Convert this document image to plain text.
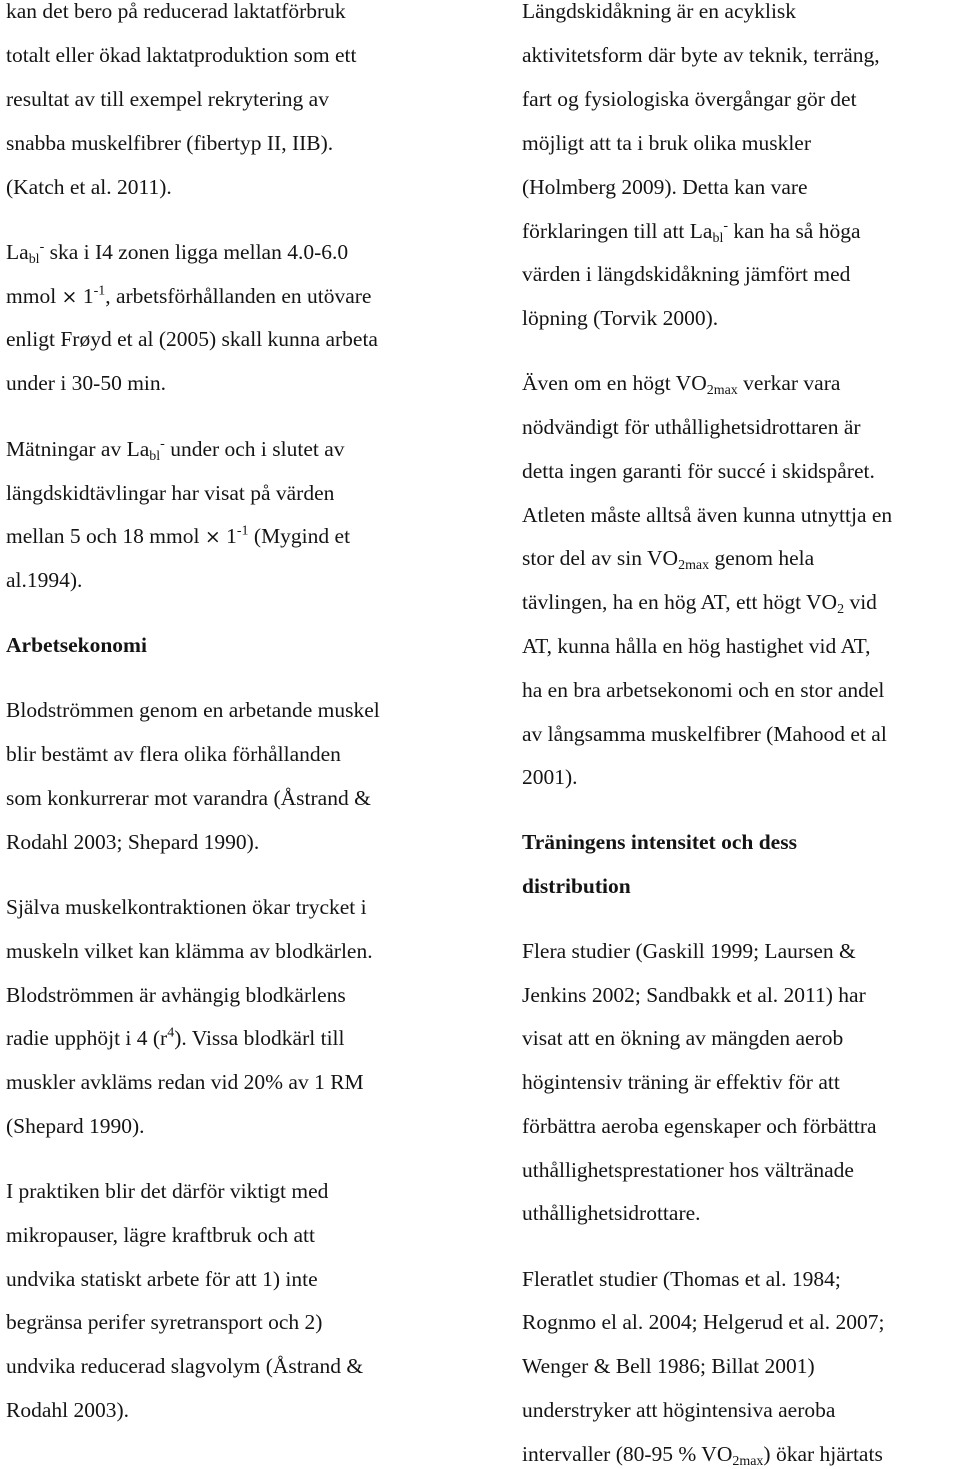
kan det bero på reducerad laktatförbruk
totalt eller ökad laktatproduktion som ett
resultat av till exempel rekrytering av
snabba muskelfibrer (fibertyp II, IIB).
(Katch et al. 2011).
$La_{bl}^-$ ska i I4 zonen ligga mellan 4.0-6.0
mmol × $1^{-1}$, arbetsförhållanden en utövare
enligt Frøyd et al (2005) skall kunna arbeta
under i 30-50 min.
Mätningar av $La_{bl}^-$ under och i slutet av
längdskidtävlingar har visat på värden
mellan 5 och 18 mmol × $1^{-1}$ (Mygind et
al.1994).
Arbetsekonomi
Blodströmmen genom en arbetande muskel
blir bestämt av flera olika förhållanden
som konkurrerar mot varandra (Åstrand &
Rodahl 2003; Shepard 1990).
Själva muskelkontraktionen ökar trycket i
muskeln vilket kan klämma av blodkärlen.
Blodströmmen är avhängig blodkärlens
radie upphöjt i 4 $(r^4)$. Vissa blodkärl till
muskler avkläms redan vid 20% av 1 RM
(Shepard 1990).
I praktiken blir det därför viktigt med
mikropauser, lägre kraftbruk och att
undvika statiskt arbete för att 1) inte
begränsa perifer syretransport och 2)
undvika reducerad slagvolym (Åstrand &
Rodahl 2003).
Längdskidåkning är en acyklisk
aktivitetsform där byte av teknik, terräng,
fart og fysiologiska övergångar gör det
möjligt att ta i bruk olika muskler
(Holmberg 2009). Detta kan vare
förklaringen till att $La_{bl}^-$ kan ha så höga
värden i längdskidåkning jämfört med
löpning (Torvik 2000).
Även om en högt $VO_{2max}$ verkar vara
nödvändigt för uthållighetsidrottaren är
detta ingen garanti för succé i skidspåret.
Atleten måste alltså även kunna utnyttja en
stor del av $\sin VO_{2max}$ genom hela
tävlingen, ha en hög AT, ett högt $VO_2$ vid
AT, kunna hålla en hög hastighet vid AT,
ha en bra arbetsekonomi och en stor andel
av långsamma muskelfibrer (Mahood et al
2001).
Träningens intensitet och dess
distribution
Flera studier (Gaskill 1999; Laursen &
Jenkins 2002; Sandbakk et al. 2011) har
visat att en ökning av mängden aerob
högintensiv träning är effektiv för att
förbättra aeroba egenskaper och förbättra
uthållighetsprestationer hos vältränade
uthållighetsidrottare.
Fleratlet studier (Thomas et al. 1984;
Rognmo el al. 2004; Helgerud et al. 2007;
Wenger & Bell 1986; Billat 2001)
understryker att högintensiva aeroba
intervaller (80-95 % $VO_{2max}$) ökar hjärtats
